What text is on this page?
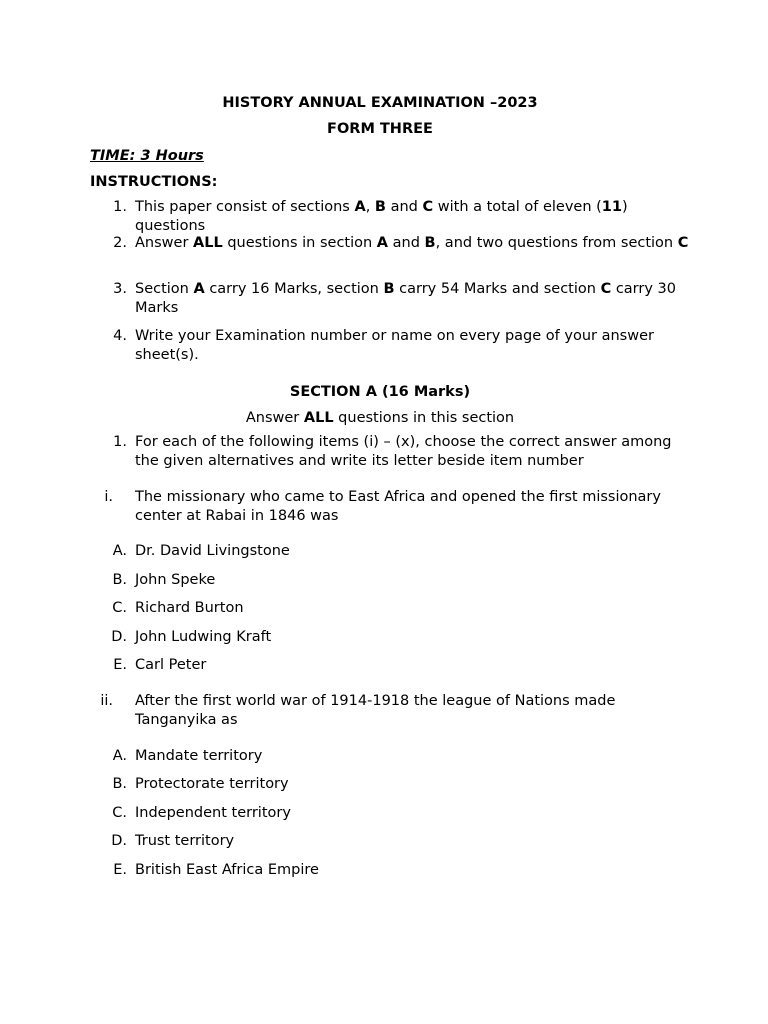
HISTORY ANNUAL EXAMINATION –2023
FORM THREE
TIME: 3 Hours
INSTRUCTIONS:
1. This paper consist of sections A, B and C with a total of eleven (11) questions
2. Answer ALL questions in section A and B, and two questions from section C
3. Section A carry 16 Marks, section B carry 54 Marks and section C carry 30 Marks
4. Write your Examination number or name on every page of your answer sheet(s).
SECTION A (16 Marks)
Answer ALL questions in this section
1. For each of the following items (i) – (x), choose the correct answer among the given alternatives and write its letter beside item number
i. The missionary who came to East Africa and opened the first missionary center at Rabai in 1846 was
A. Dr. David Livingstone
B. John Speke
C. Richard Burton
D. John Ludwing Kraft
E. Carl Peter
ii. After the first world war of 1914-1918 the league of Nations made Tanganyika as
A. Mandate territory
B. Protectorate territory
C. Independent territory
D. Trust territory
E. British East Africa Empire
